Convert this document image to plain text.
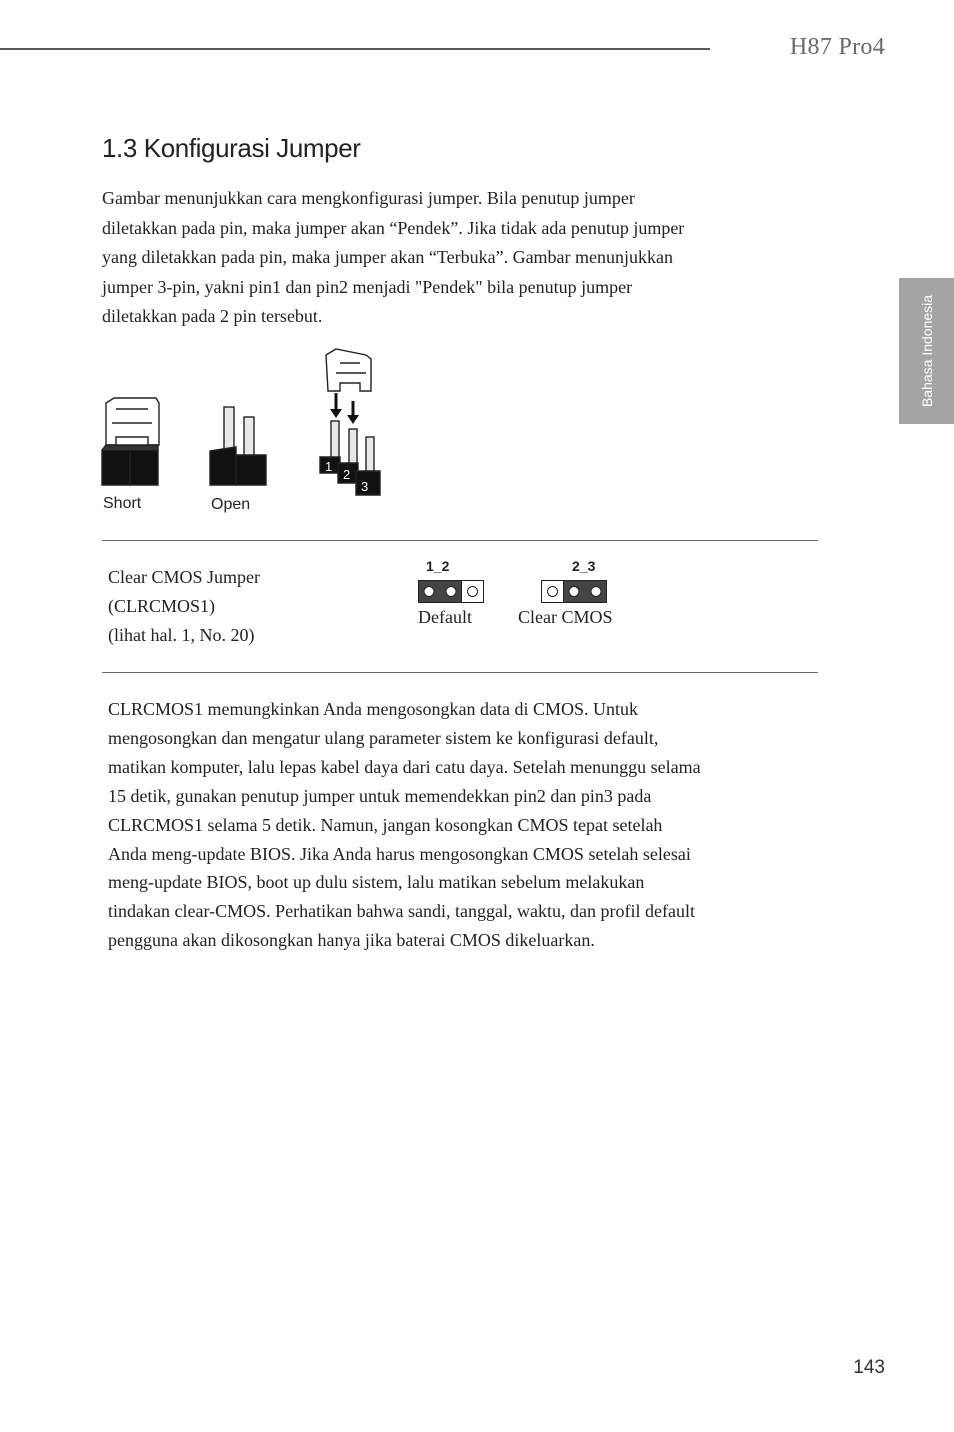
H87 Pro4
Bahasa Indonesia
1.3 Konfigurasi Jumper
Gambar menunjukkan cara mengkonfigurasi jumper. Bila penutup jumper
diletakkan pada pin, maka jumper akan “Pendek”. Jika tidak ada penutup jumper
yang diletakkan pada pin, maka jumper akan “Terbuka”. Gambar menunjukkan
jumper 3-pin, yakni pin1 dan pin2 menjadi "Pendek" bila penutup jumper
diletakkan pada 2 pin tersebut.
1
2
3
Short	Open
Clear CMOS Jumper
(CLRCMOS1)
(lihat hal. 1, No. 20)
1_2
Default
2_3
Clear CMOS
CLRCMOS1 memungkinkan Anda mengosongkan data di CMOS. Untuk
mengosongkan dan mengatur ulang parameter sistem ke konfigurasi default,
matikan komputer, lalu lepas kabel daya dari catu daya. Setelah menunggu selama
15 detik, gunakan penutup jumper untuk memendekkan pin2 dan pin3 pada
CLRCMOS1 selama 5 detik. Namun, jangan kosongkan CMOS tepat setelah
Anda meng-update BIOS. Jika Anda harus mengosongkan CMOS setelah selesai
meng-update BIOS, boot up dulu sistem, lalu matikan sebelum melakukan
tindakan clear-CMOS. Perhatikan bahwa sandi, tanggal, waktu, dan profil default
pengguna akan dikosongkan hanya jika baterai CMOS dikeluarkan.
143
